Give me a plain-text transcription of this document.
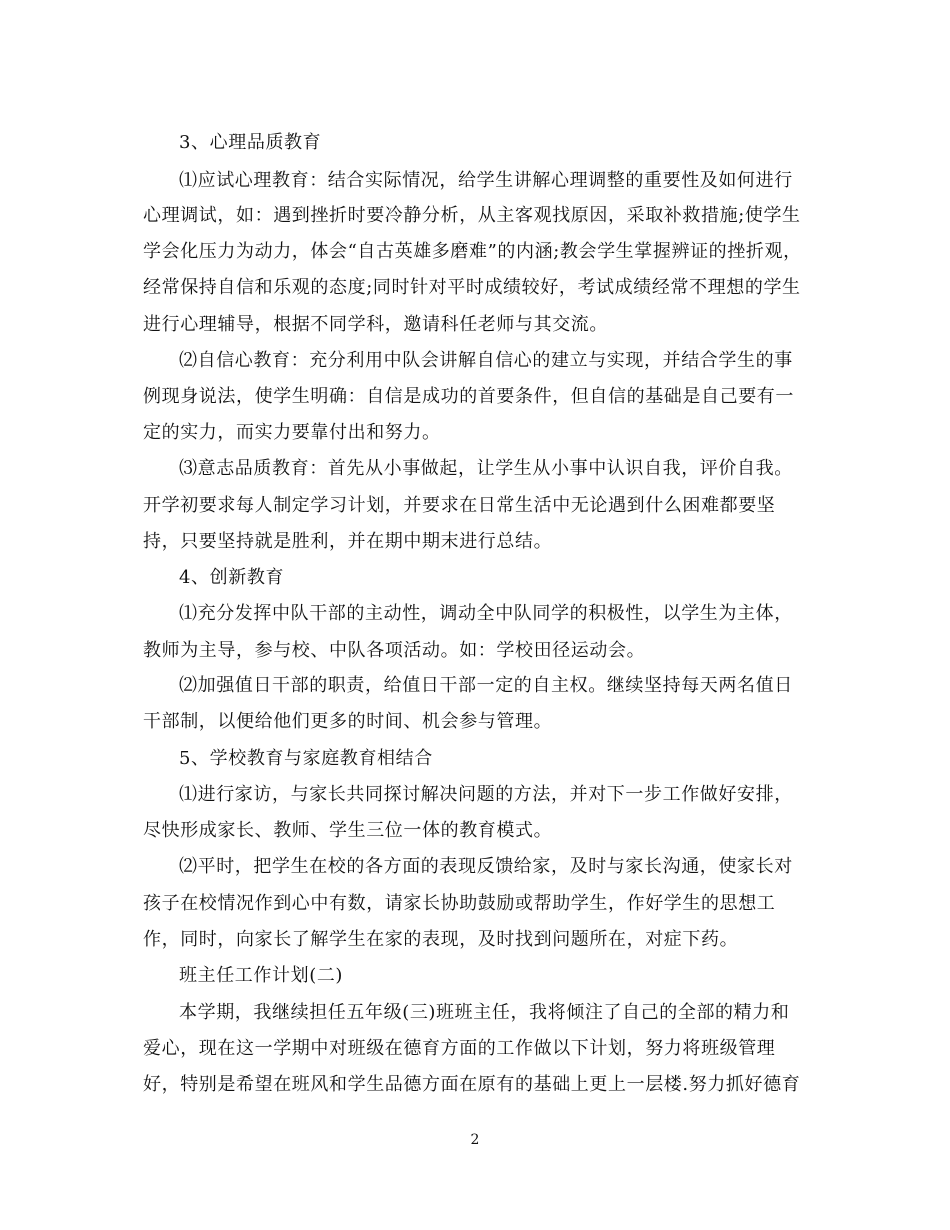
3、心理品质教育
⑴应试心理教育：结合实际情况，给学生讲解心理调整的重要性及如何进行
心理调试，如：遇到挫折时要冷静分析，从主客观找原因，采取补救措施;使学生
学会化压力为动力，体会“自古英雄多磨难”的内涵;教会学生掌握辨证的挫折观，
经常保持自信和乐观的态度;同时针对平时成绩较好，考试成绩经常不理想的学生
进行心理辅导，根据不同学科，邀请科任老师与其交流。
⑵自信心教育：充分利用中队会讲解自信心的建立与实现，并结合学生的事
例现身说法，使学生明确：自信是成功的首要条件，但自信的基础是自己要有一
定的实力，而实力要靠付出和努力。
⑶意志品质教育：首先从小事做起，让学生从小事中认识自我，评价自我。
开学初要求每人制定学习计划，并要求在日常生活中无论遇到什么困难都要坚
持，只要坚持就是胜利，并在期中期末进行总结。
4、创新教育
⑴充分发挥中队干部的主动性，调动全中队同学的积极性，以学生为主体，
教师为主导，参与校、中队各项活动。如：学校田径运动会。
⑵加强值日干部的职责，给值日干部一定的自主权。继续坚持每天两名值日
干部制，以便给他们更多的时间、机会参与管理。
5、学校教育与家庭教育相结合
⑴进行家访，与家长共同探讨解决问题的方法，并对下一步工作做好安排，
尽快形成家长、教师、学生三位一体的教育模式。
⑵平时，把学生在校的各方面的表现反馈给家，及时与家长沟通，使家长对
孩子在校情况作到心中有数，请家长协助鼓励或帮助学生，作好学生的思想工
作，同时，向家长了解学生在家的表现，及时找到问题所在，对症下药。
班主任工作计划(二)
本学期，我继续担任五年级(三)班班主任，我将倾注了自己的全部的精力和
爱心，现在这一学期中对班级在德育方面的工作做以下计划，努力将班级管理
好，特别是希望在班风和学生品德方面在原有的基础上更上一层楼.努力抓好德育
2
